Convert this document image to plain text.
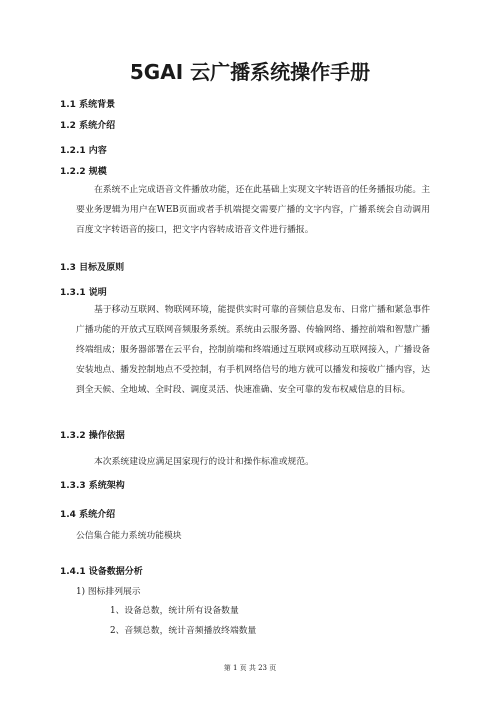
5GAI 云广播系统操作手册
1.1 系统背景
1.2 系统介绍
1.2.1 内容
1.2.2 规模
在系统不止完成语音文件播放功能，还在此基础上实现文字转语音的任务播报功能。主要业务逻辑为用户在WEB页面或者手机端提交需要广播的文字内容，广播系统会自动调用百度文字转语音的接口，把文字内容转成语音文件进行播报。
1.3 目标及原则
1.3.1 说明
基于移动互联网、物联网环境，能提供实时可靠的音频信息发布、日常广播和紧急事件广播功能的开放式互联网音频服务系统。系统由云服务器、传输网络、播控前端和智慧广播终端组成；服务器部署在云平台，控制前端和终端通过互联网或移动互联网接入，广播设备安装地点、播发控制地点不受控制，有手机网络信号的地方就可以播发和接收广播内容，达到全天候、全地域、全时段、调度灵活、快速准确、安全可靠的发布权威信息的目标。
1.3.2 操作依据
本次系统建设应满足国家现行的设计和操作标准或规范。
1.3.3 系统架构
1.4 系统介绍
公信集合能力系统功能模块
1.4.1 设备数据分析
1) 图标排列展示
1、设备总数，统计所有设备数量
2、音频总数，统计音频播放终端数量
第 1 页 共 23 页
